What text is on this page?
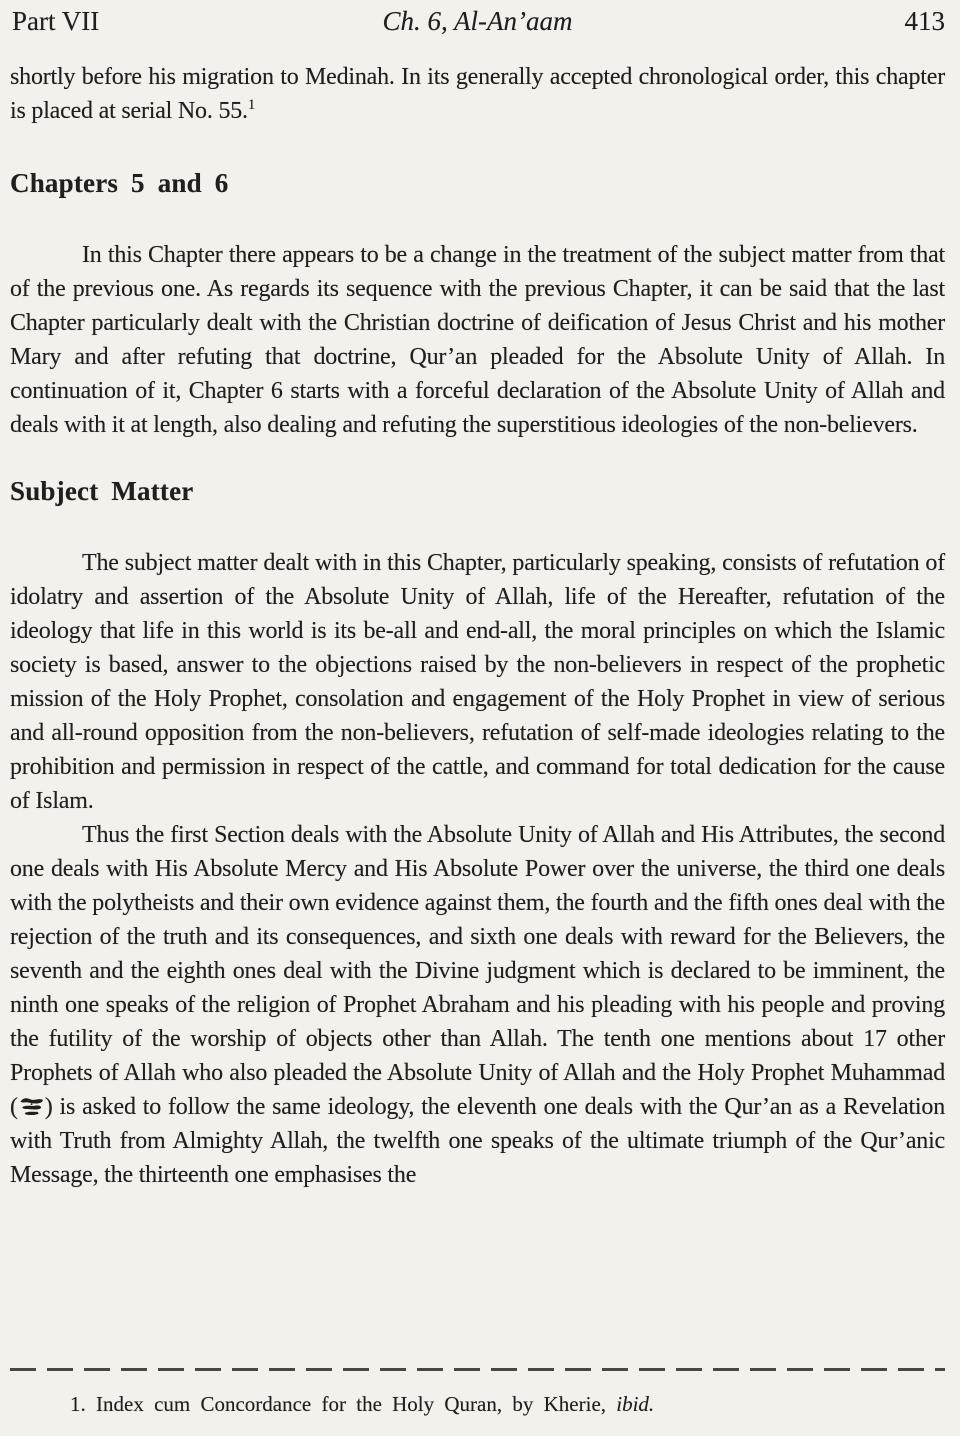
Part VII	Ch. 6, Al-An’aam	413

shortly before his migration to Medinah. In its generally accepted chronological order, this chapter is placed at serial No. 55.$^1$

Chapters 5 and 6

In this Chapter there appears to be a change in the treatment of the subject matter from that of the previous one. As regards its sequence with the previous Chapter, it can be said that the last Chapter particularly dealt with the Christian doctrine of deification of Jesus Christ and his mother Mary and after refuting that doctrine, Qur’an pleaded for the Absolute Unity of Allah. In continuation of it, Chapter 6 starts with a forceful declaration of the Absolute Unity of Allah and deals with it at length, also dealing and refuting the superstitious ideologies of the non-believers.

Subject Matter

The subject matter dealt with in this Chapter, particularly speaking, consists of refutation of idolatry and assertion of the Absolute Unity of Allah, life of the Hereafter, refutation of the ideology that life in this world is its be-all and end-all, the moral principles on which the Islamic society is based, answer to the objections raised by the non-believers in respect of the prophetic mission of the Holy Prophet, consolation and engagement of the Holy Prophet in view of serious and all-round opposition from the non-believers, refutation of self-made ideologies relating to the prohibition and permission in respect of the cattle, and command for total dedication for the cause of Islam.

Thus the first Section deals with the Absolute Unity of Allah and His Attributes, the second one deals with His Absolute Mercy and His Absolute Power over the universe, the third one deals with the polytheists and their own evidence against them, the fourth and the fifth ones deal with the rejection of the truth and its consequences, and sixth one deals with reward for the Believers, the seventh and the eighth ones deal with the Divine judgment which is declared to be imminent, the ninth one speaks of the religion of Prophet Abraham and his pleading with his people and proving the futility of the worship of objects other than Allah. The tenth one mentions about 17 other Prophets of Allah who also pleaded the Absolute Unity of Allah and the Holy Prophet Muhammad ( ) is asked to follow the same ideology, the eleventh one deals with the Qur’an as a Revelation with Truth from Almighty Allah, the twelfth one speaks of the ultimate triumph of the Qur’anic Message, the thirteenth one emphasises the

1. Index cum Concordance for the Holy Quran, by Kherie, ibid.
